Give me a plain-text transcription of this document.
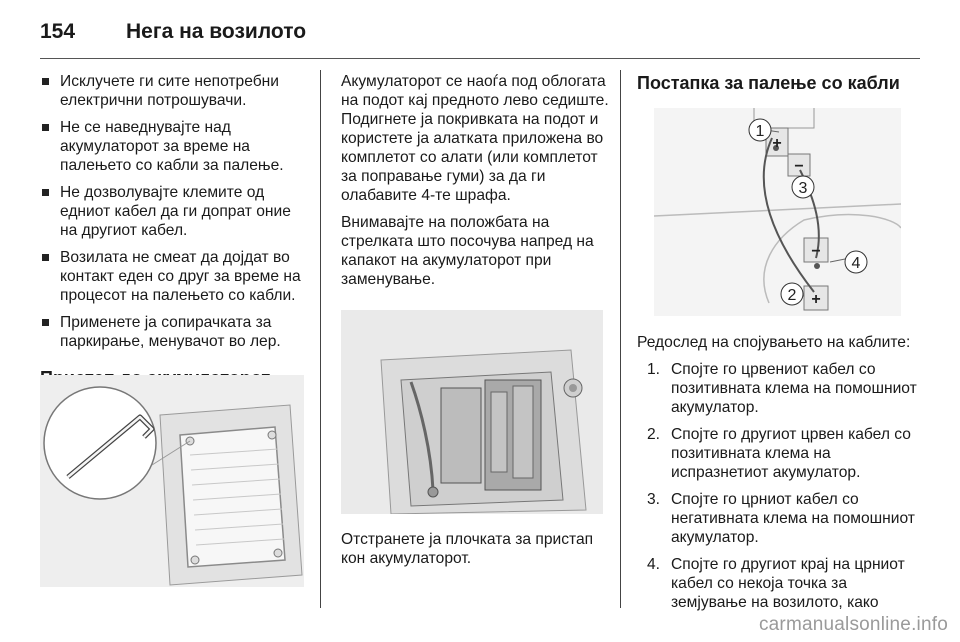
154 Нега на возилото
Исклучете ги сите непотребни електрични потрошувачи.
Не се наведнувајте над акумулаторот за време на палењето со кабли за палење.
Не дозволувајте клемите од едниот кабел да ги допрат оние на другиот кабел.
Возилата не смеат да дојдат во контакт еден со друг за време на процесот на палењето со кабли.
Применете ја сопирачката за паркирање, менувачот во лер.

Акумулаторот се наоѓа под облогата на подот кај предното лево седиште. Подигнете ја покривката на подот и користете ја алатката приложена во комплетот со алати (или комплетот за поправање гуми) за да ги олабавите 4-те шрафа.

Внимавајте на положбата на стрелката што посочува напред на капакот на акумулаторот при заменување.

Отстранете ја плочката за пристап кон акумулаторот.

Постапка за палење со кабли
1
2
3
4
+
−
−
+

Редослед на спојувањето на каблите:

1. Спојте го црвениот кабел со позитивната клема на помошниот акумулатор.
2. Спојте го другиот црвен кабел со позитивната клема на испразнетиот акумулатор.
3. Спојте го црниот кабел со негативната клема на помошниот акумулатор.
4. Спојте го другиот крај на црниот кабел со некоја точка за земјување на возилото, како
carmanualsonline.info
